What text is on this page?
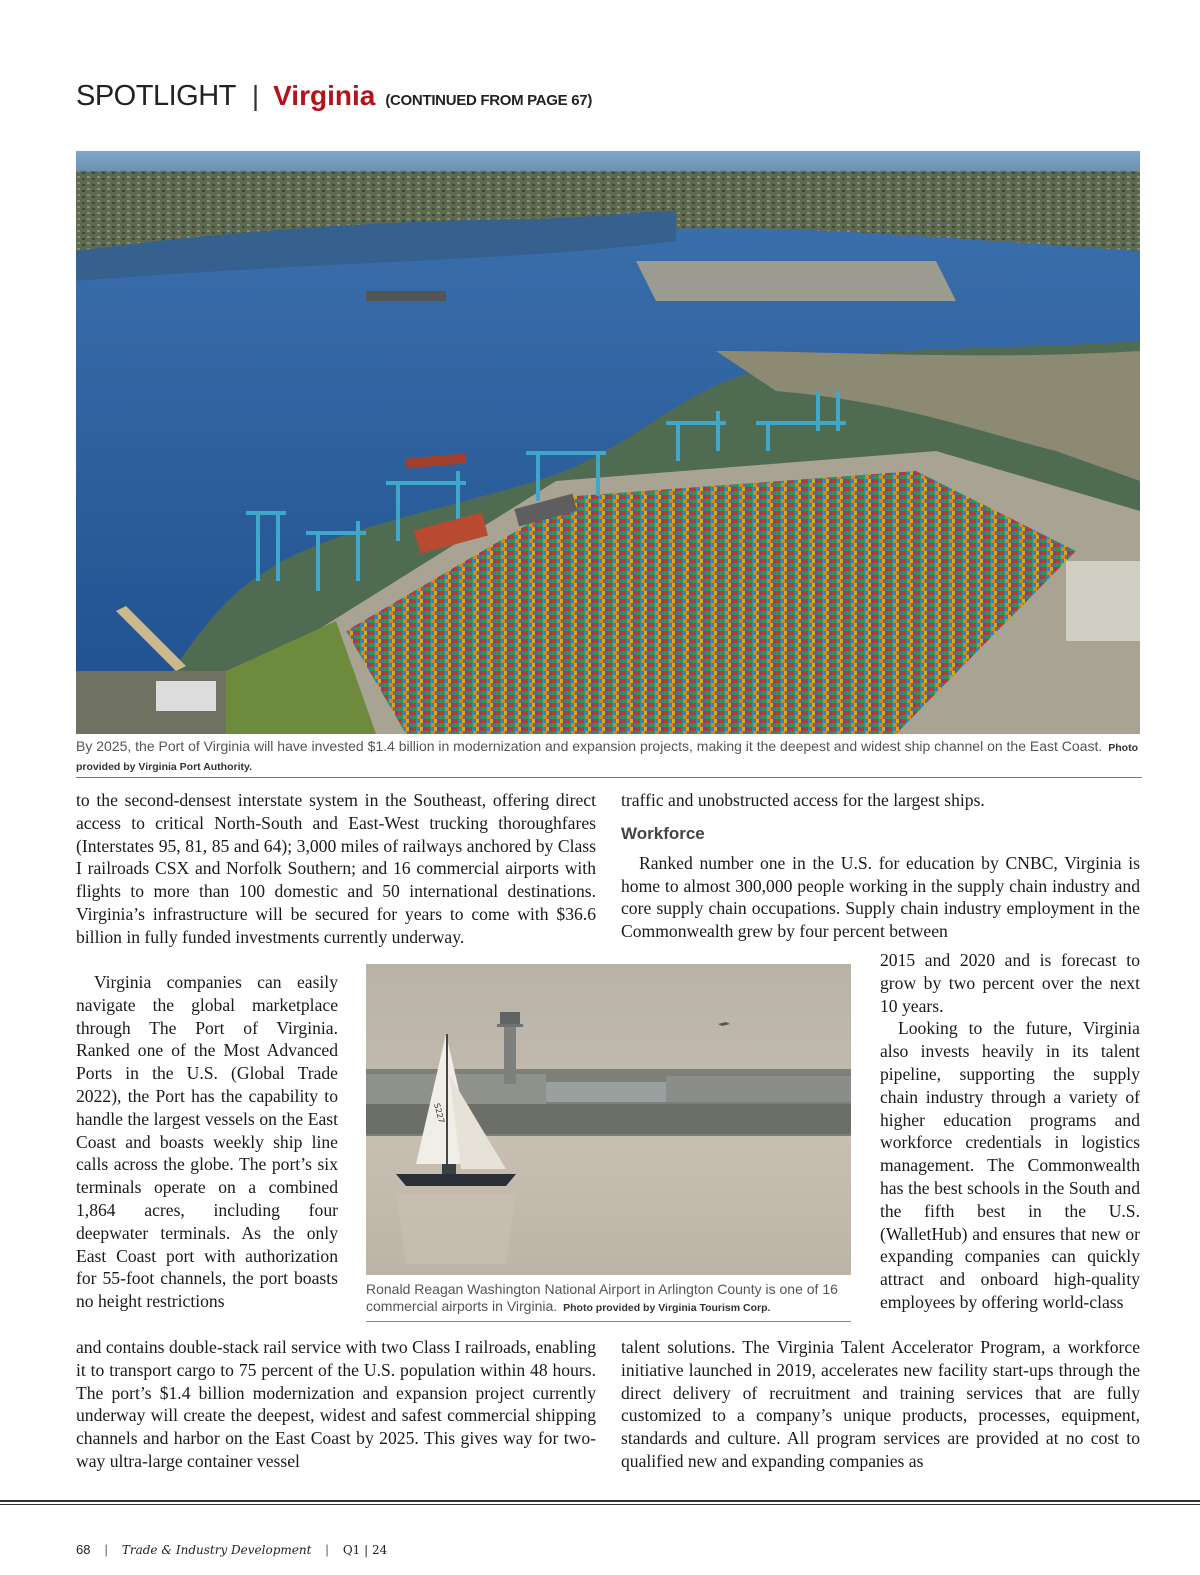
SPOTLIGHT | Virginia (CONTINUED FROM PAGE 67)
By 2025, the Port of Virginia will have invested $1.4 billion in modernization and expansion projects, making it the deepest and widest ship channel on the East Coast. Photo provided by Virginia Port Authority.

to the second-densest interstate system in the Southeast, offering direct access to critical North-South and East-West trucking thoroughfares (Interstates 95, 81, 85 and 64); 3,000 miles of railways anchored by Class I railroads CSX and Norfolk Southern; and 16 commercial airports with flights to more than 100 domestic and 50 international destinations. Virginia’s infrastructure will be secured for years to come with $36.6 billion in fully funded investments currently underway.

Virginia companies can easily navigate the global marketplace through The Port of Virginia. Ranked one of the Most Advanced Ports in the U.S. (Global Trade 2022), the Port has the capability to handle the largest vessels on the East Coast and boasts weekly ship line calls across the globe. The port’s six terminals operate on a combined 1,864 acres, including four deepwater terminals. As the only East Coast port with authorization for 55-foot channels, the port boasts no height restrictions

and contains double-stack rail service with two Class I railroads, enabling it to transport cargo to 75 percent of the U.S. population within 48 hours. The port’s $1.4 billion modernization and expansion project currently underway will create the deepest, widest and safest commercial shipping channels and harbor on the East Coast by 2025. This gives way for two-way ultra-large container vessel

traffic and unobstructed access for the largest ships.

Workforce

Ranked number one in the U.S. for education by CNBC, Virginia is home to almost 300,000 people working in the supply chain industry and core supply chain occupations. Supply chain industry employment in the Commonwealth grew by four percent between

2015 and 2020 and is forecast to grow by two percent over the next 10 years.

Looking to the future, Virginia also invests heavily in its talent pipeline, supporting the supply chain industry through a variety of higher education programs and workforce credentials in logistics management. The Commonwealth has the best schools in the South and the fifth best in the U.S. (WalletHub) and ensures that new or expanding companies can quickly attract and onboard high-quality employees by offering world-class

talent solutions. The Virginia Talent Accelerator Program, a workforce initiative launched in 2019, accelerates new facility start-ups through the direct delivery of recruitment and training services that are fully customized to a company’s unique products, processes, equipment, standards and culture. All program services are provided at no cost to qualified new and expanding companies as

S227
Ronald Reagan Washington National Airport in Arlington County is one of 16 commercial airports in Virginia. Photo provided by Virginia Tourism Corp.
68 | Trade & Industry Development | Q1 | 24
